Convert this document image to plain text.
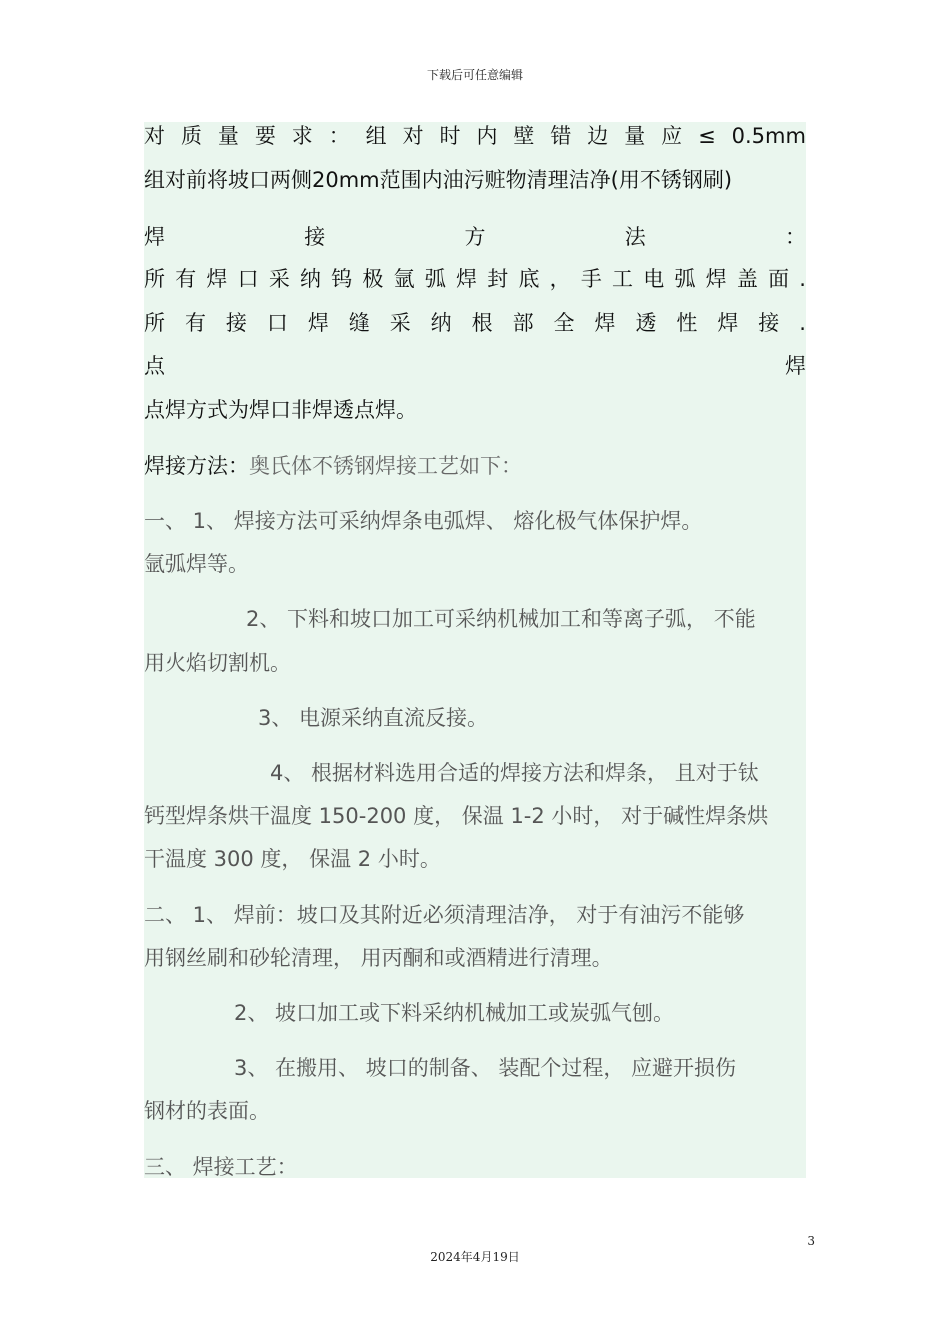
下载后可任意编辑
对 质 量 要 求 ： 组 对 时 内 壁 错 边 量 应 ≤ 0.5mm
组对前将坡口两侧20mm范围内油污赃物清理洁净(用不锈钢刷)
焊	接	方	法	：
所 有 焊 口 采 纳 钨 极 氩 弧 焊 封 底 ， 手 工 电 弧 焊 盖 面 .
所 有 接 口 焊 缝 采 纳 根 部 全 焊 透 性 焊 接 .
点	焊
点焊方式为焊口非焊透点焊。
焊接方法：奥氏体不锈钢焊接工艺如下：
一、 1、 焊接方法可采纳焊条电弧焊、 熔化极气体保护焊。
氩弧焊等。
2、 下料和坡口加工可采纳机械加工和等离子弧， 不能
用火焰切割机。
3、 电源采纳直流反接。
4、 根据材料选用合适的焊接方法和焊条， 且对于钛
钙型焊条烘干温度 150-200 度， 保温 1-2 小时， 对于碱性焊条烘
干温度 300 度， 保温 2 小时。
二、 1、 焊前：坡口及其附近必须清理洁净， 对于有油污不能够
用钢丝刷和砂轮清理， 用丙酮和或酒精进行清理。
2、 坡口加工或下料采纳机械加工或炭弧气刨。
3、 在搬用、 坡口的制备、 装配个过程， 应避开损伤
钢材的表面。
三、 焊接工艺：
3
2024年4月19日
